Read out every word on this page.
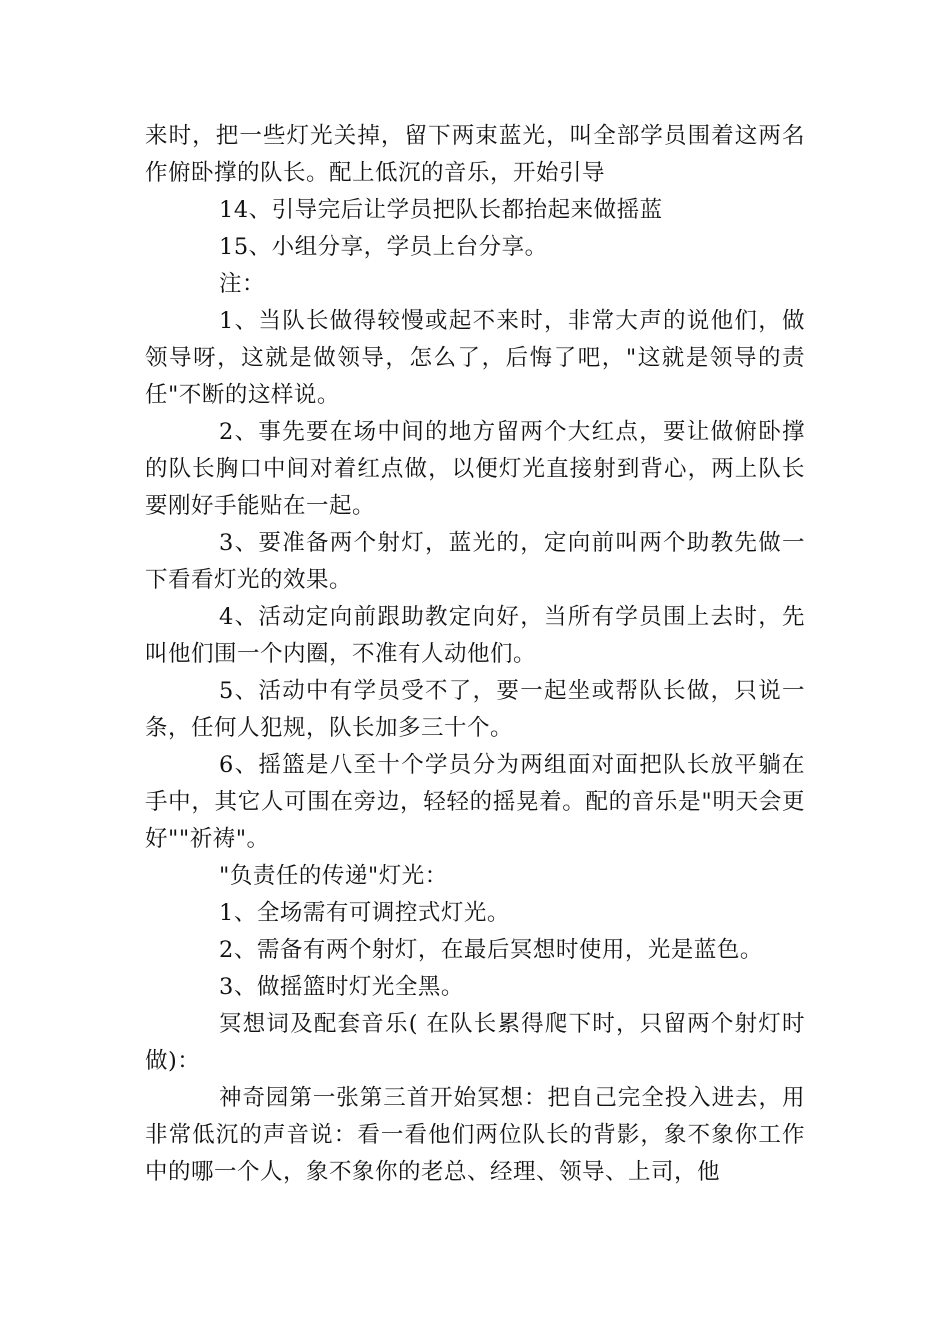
来时，把一些灯光关掉，留下两束蓝光，叫全部学员围着这两名作俯卧撑的队长。配上低沉的音乐，开始引导

14、引导完后让学员把队长都抬起来做摇蓝

15、小组分享，学员上台分享。

注：

1、当队长做得较慢或起不来时，非常大声的说他们，做领导呀，这就是做领导，怎么了，后悔了吧，"这就是领导的责任"不断的这样说。

2、事先要在场中间的地方留两个大红点，要让做俯卧撑的队长胸口中间对着红点做，以便灯光直接射到背心，两上队长要刚好手能贴在一起。

3、要准备两个射灯，蓝光的，定向前叫两个助教先做一下看看灯光的效果。

4、活动定向前跟助教定向好，当所有学员围上去时，先叫他们围一个内圈，不准有人动他们。

5、活动中有学员受不了，要一起坐或帮队长做，只说一条，任何人犯规，队长加多三十个。

6、摇篮是八至十个学员分为两组面对面把队长放平躺在手中，其它人可围在旁边，轻轻的摇晃着。配的音乐是"明天会更好""祈祷"。

"负责任的传递"灯光：

1、全场需有可调控式灯光。

2、需备有两个射灯，在最后冥想时使用，光是蓝色。

3、做摇篮时灯光全黑。

冥想词及配套音乐( 在队长累得爬下时，只留两个射灯时做)：

神奇园第一张第三首开始冥想：把自己完全投入进去，用非常低沉的声音说：看一看他们两位队长的背影，象不象你工作中的哪一个人，象不象你的老总、经理、领导、上司，他
